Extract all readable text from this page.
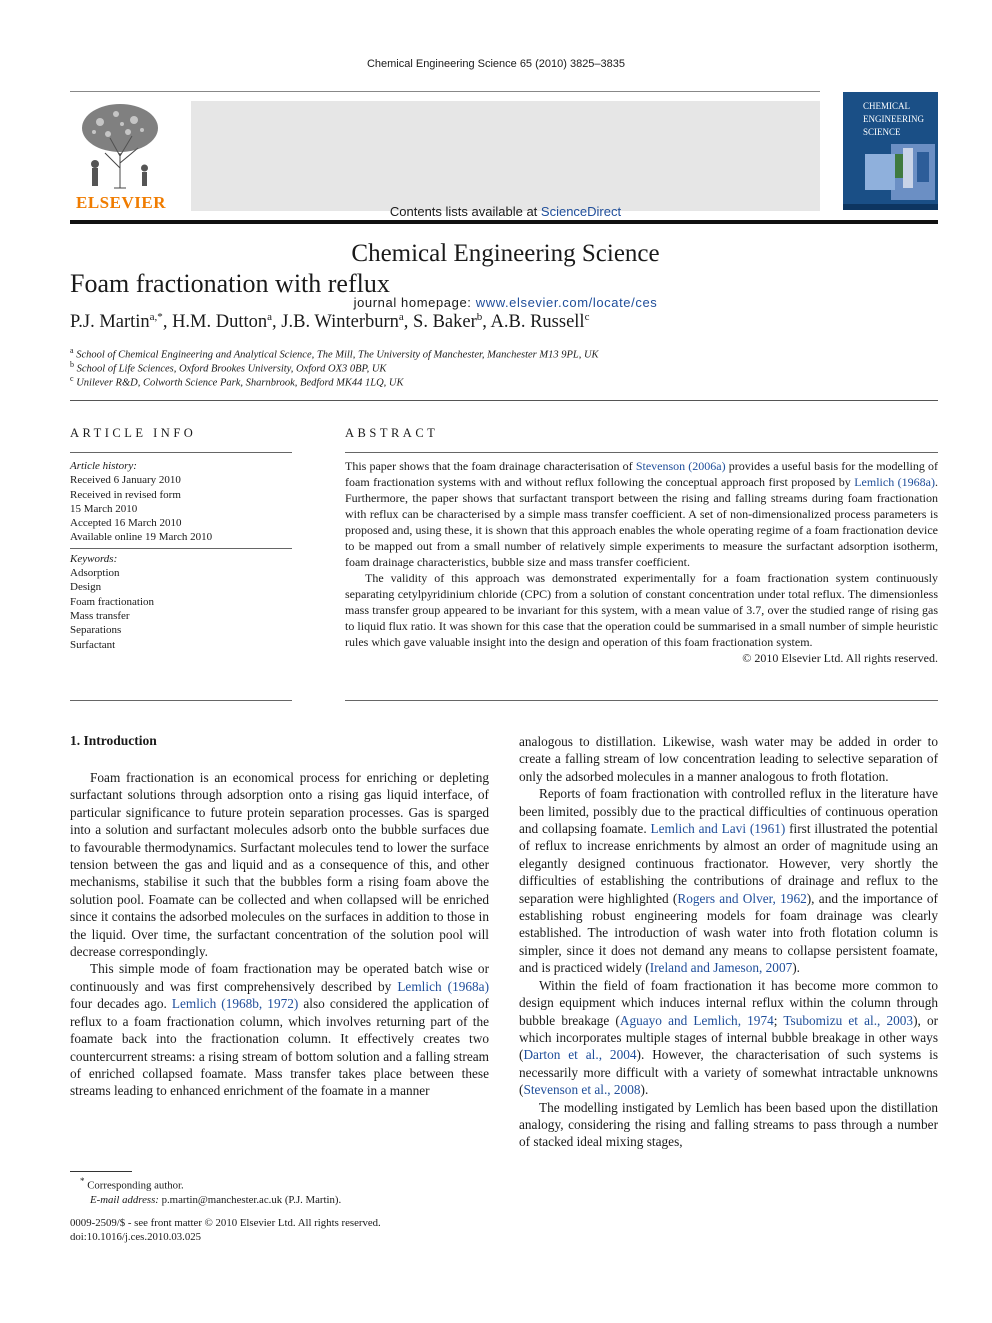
Chemical Engineering Science 65 (2010) 3825–3835
ELSEVIER	Contents lists available at ScienceDirect
Chemical Engineering Science
journal homepage: www.elsevier.com/locate/ces
CHEMICAL
ENGINEERING
SCIENCE
Foam fractionation with reflux
P.J. Martin$^{a,*}$, H.M. Dutton$^a$, J.B. Winterburn$^a$, S. Baker$^b$, A.B. Russell$^c$
$^a$ School of Chemical Engineering and Analytical Science, The Mill, The University of Manchester, Manchester M13 9PL, UK
$^b$ School of Life Sciences, Oxford Brookes University, Oxford OX3 0BP, UK
$^c$ Unilever R&D, Colworth Science Park, Sharnbrook, Bedford MK44 1LQ, UK
ARTICLE INFO
Article history:
Received 6 January 2010
Received in revised form
15 March 2010
Accepted 16 March 2010
Available online 19 March 2010
Keywords:
Adsorption
Design
Foam fractionation
Mass transfer
Separations
Surfactant
ABSTRACT

This paper shows that the foam drainage characterisation of Stevenson (2006a) provides a useful basis for the modelling of foam fractionation systems with and without reflux following the conceptual approach first proposed by Lemlich (1968a). Furthermore, the paper shows that surfactant transport between the rising and falling streams during foam fractionation with reflux can be characterised by a simple mass transfer coefficient. A set of non-dimensionalized process parameters is proposed and, using these, it is shown that this approach enables the whole operating regime of a foam fractionation device to be mapped out from a small number of relatively simple experiments to measure the surfactant adsorption isotherm, foam drainage characteristics, bubble size and mass transfer coefficient.

The validity of this approach was demonstrated experimentally for a foam fractionation system continuously separating cetylpyridinium chloride (CPC) from a solution of constant concentration under total reflux. The dimensionless mass transfer group appeared to be invariant for this system, with a mean value of 3.7, over the studied range of rising gas to liquid flux ratio. It was shown for this case that the operation could be summarised in a small number of simple heuristic rules which gave valuable insight into the design and operation of this foam fractionation system.

© 2010 Elsevier Ltd. All rights reserved.

1. Introduction

Foam fractionation is an economical process for enriching or depleting surfactant solutions through adsorption onto a rising gas liquid interface, of particular significance to future protein separation processes. Gas is sparged into a solution and surfactant molecules adsorb onto the bubble surfaces due to favourable thermodynamics. Surfactant molecules tend to lower the surface tension between the gas and liquid and as a consequence of this, and other mechanisms, stabilise it such that the bubbles form a rising foam above the solution pool. Foamate can be collected and when collapsed will be enriched since it contains the adsorbed molecules on the surfaces in addition to those in the liquid. Over time, the surfactant concentration of the solution pool will decrease correspondingly.

This simple mode of foam fractionation may be operated batch wise or continuously and was first comprehensively described by Lemlich (1968a) four decades ago. Lemlich (1968b, 1972) also considered the application of reflux to a foam fractionation column, which involves returning part of the foamate back into the fractionation column. It effectively creates two countercurrent streams: a rising stream of bottom solution and a falling stream of enriched collapsed foamate. Mass transfer takes place between these streams leading to enhanced enrichment of the foamate in a manner

analogous to distillation. Likewise, wash water may be added in order to create a falling stream of low concentration leading to selective separation of only the adsorbed molecules in a manner analogous to froth flotation.

Reports of foam fractionation with controlled reflux in the literature have been limited, possibly due to the practical difficulties of continuous operation and collapsing foamate. Lemlich and Lavi (1961) first illustrated the potential of reflux to increase enrichments by almost an order of magnitude using an elegantly designed continuous fractionator. However, very shortly the difficulties of establishing the contributions of drainage and reflux to the separation were highlighted (Rogers and Olver, 1962), and the importance of establishing robust engineering models for foam drainage was clearly established. The introduction of wash water into froth flotation column is simpler, since it does not demand any means to collapse persistent foamate, and is practiced widely (Ireland and Jameson, 2007).

Within the field of foam fractionation it has become more common to design equipment which induces internal reflux within the column through bubble breakage (Aguayo and Lemlich, 1974; Tsubomizu et al., 2003), or which incorporates multiple stages of internal bubble breakage in other ways (Darton et al., 2004). However, the characterisation of such systems is necessarily more difficult with a variety of somewhat intractable unknowns (Stevenson et al., 2008).

The modelling instigated by Lemlich has been based upon the distillation analogy, considering the rising and falling streams to pass through a number of stacked ideal mixing stages,

* Corresponding author.
E-mail address: p.martin@manchester.ac.uk (P.J. Martin).
0009-2509/$ - see front matter © 2010 Elsevier Ltd. All rights reserved.
doi:10.1016/j.ces.2010.03.025
